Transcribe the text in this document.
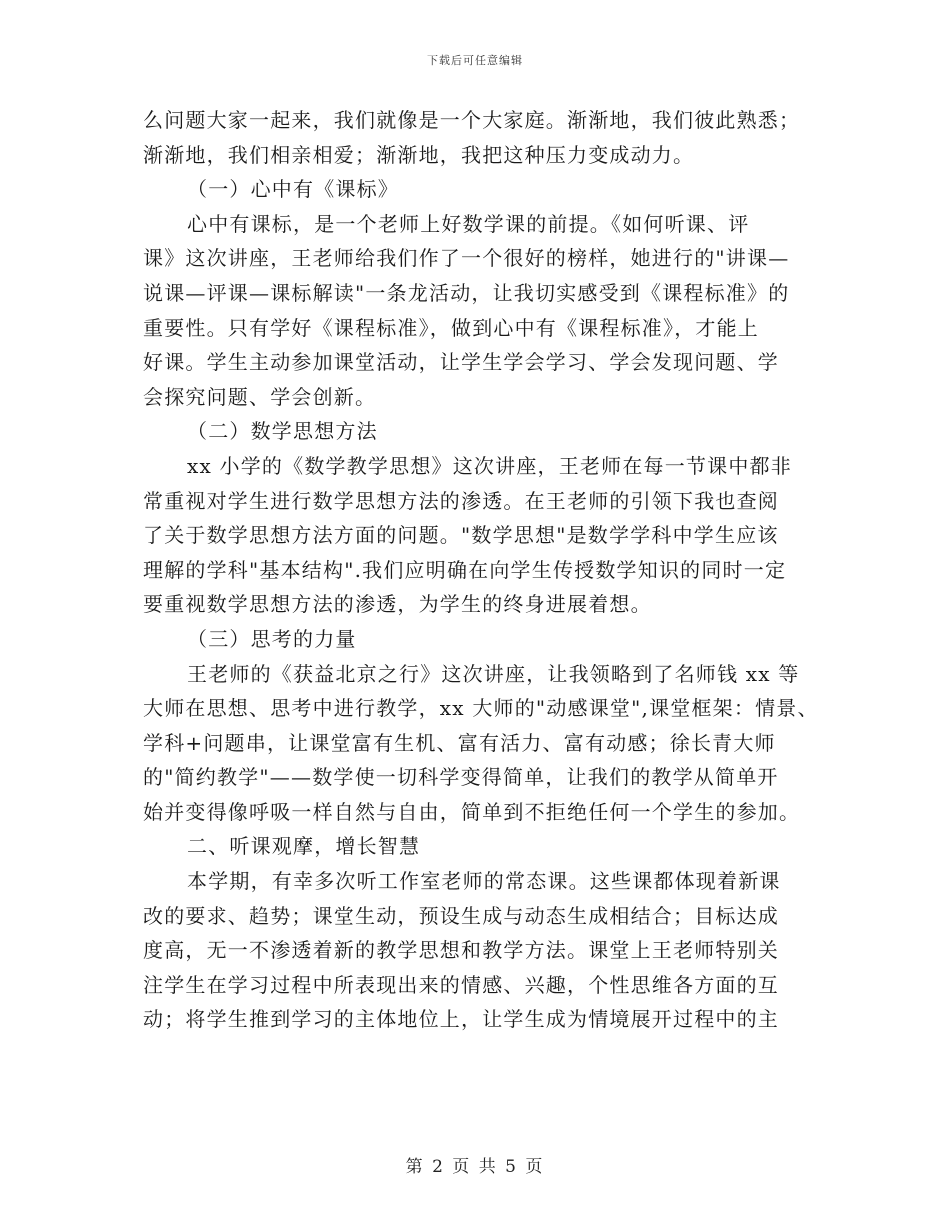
下载后可任意编辑
么问题大家一起来，我们就像是一个大家庭。渐渐地，我们彼此熟悉；
渐渐地，我们相亲相爱；渐渐地，我把这种压力变成动力。
（一）心中有《课标》
心中有课标，是一个老师上好数学课的前提。《如何听课、评
课》这次讲座，王老师给我们作了一个很好的榜样，她进行的"讲课—
说课—评课—课标解读"一条龙活动，让我切实感受到《课程标准》的
重要性。只有学好《课程标准》，做到心中有《课程标准》，才能上
好课。学生主动参加课堂活动，让学生学会学习、学会发现问题、学
会探究问题、学会创新。
（二）数学思想方法
xx 小学的《数学教学思想》这次讲座，王老师在每一节课中都非
常重视对学生进行数学思想方法的渗透。在王老师的引领下我也查阅
了关于数学思想方法方面的问题。"数学思想"是数学学科中学生应该
理解的学科"基本结构".我们应明确在向学生传授数学知识的同时一定
要重视数学思想方法的渗透，为学生的终身进展着想。
（三）思考的力量
王老师的《获益北京之行》这次讲座，让我领略到了名师钱 xx 等
大师在思想、思考中进行教学，xx 大师的"动感课堂",课堂框架：情景、
学科+问题串，让课堂富有生机、富有活力、富有动感；徐长青大师
的"简约教学"——数学使一切科学变得简单，让我们的教学从简单开
始并变得像呼吸一样自然与自由，简单到不拒绝任何一个学生的参加。
二、听课观摩，增长智慧
本学期，有幸多次听工作室老师的常态课。这些课都体现着新课
改的要求、趋势；课堂生动，预设生成与动态生成相结合；目标达成
度高，无一不渗透着新的教学思想和教学方法。课堂上王老师特别关
注学生在学习过程中所表现出来的情感、兴趣，个性思维各方面的互
动；将学生推到学习的主体地位上，让学生成为情境展开过程中的主
第 2 页 共 5 页
